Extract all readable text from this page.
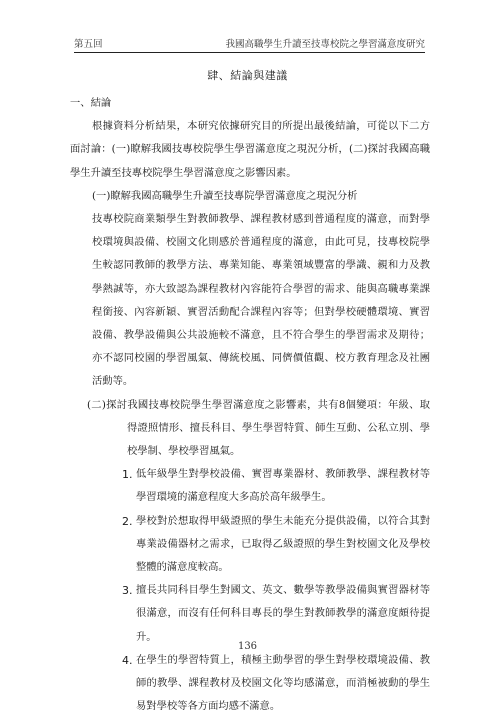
第五回	我國高職學生升讀至技專校院之學習滿意度研究
肆、結論與建議

一、結論

根據資料分析結果，本研究依據研究目的所提出最後結論，可從以下二方面討論：(一)瞭解我國技專校院學生學習滿意度之現況分析，(二)探討我國高職學生升讀至技專校院學生學習滿意度之影響因素。

(一)瞭解我國高職學生升讀至技專院學習滿意度之現況分析

技專校院商業類學生對教師教學、課程教材感到普通程度的滿意，而對學校環境與設備、校園文化則感於普通程度的滿意，由此可見，技專校院學生較認同教師的教學方法、專業知能、專業領域豐富的學識、親和力及教學熱誠等，亦大致認為課程教材內容能符合學習的需求、能與高職專業課程銜接、內容新穎、實習活動配合課程內容等；但對學校硬體環境、實習設備、教學設備與公共設施較不滿意，且不符合學生的學習需求及期待；亦不認同校園的學習風氣、傳統校風、同儕價值觀、校方教育理念及社團活動等。

(二)探討我國技專校院學生學習滿意度之影響素，共有8個變項：年級、取得證照情形、擅長科目、學生學習特質、師生互動、公私立別、學校學制、學校學習風氣。

1. 低年級學生對學校設備、實習專業器材、教師教學、課程教材等學習環境的滿意程度大多高於高年級學生。
2. 學校對於想取得甲級證照的學生未能充分提供設備，以符合其對專業設備器材之需求，已取得乙級證照的學生對校園文化及學校整體的滿意度較高。
3. 擅長共同科目學生對國文、英文、數學等教學設備與實習器材等很滿意，而沒有任何科目專長的學生對教師教學的滿意度頗待提升。
4. 在學生的學習特質上，積極主動學習的學生對學校環境設備、教師的教學、課程教材及校園文化等均感滿意，而消極被動的學生易對學校等各方面均感不滿意。
136
